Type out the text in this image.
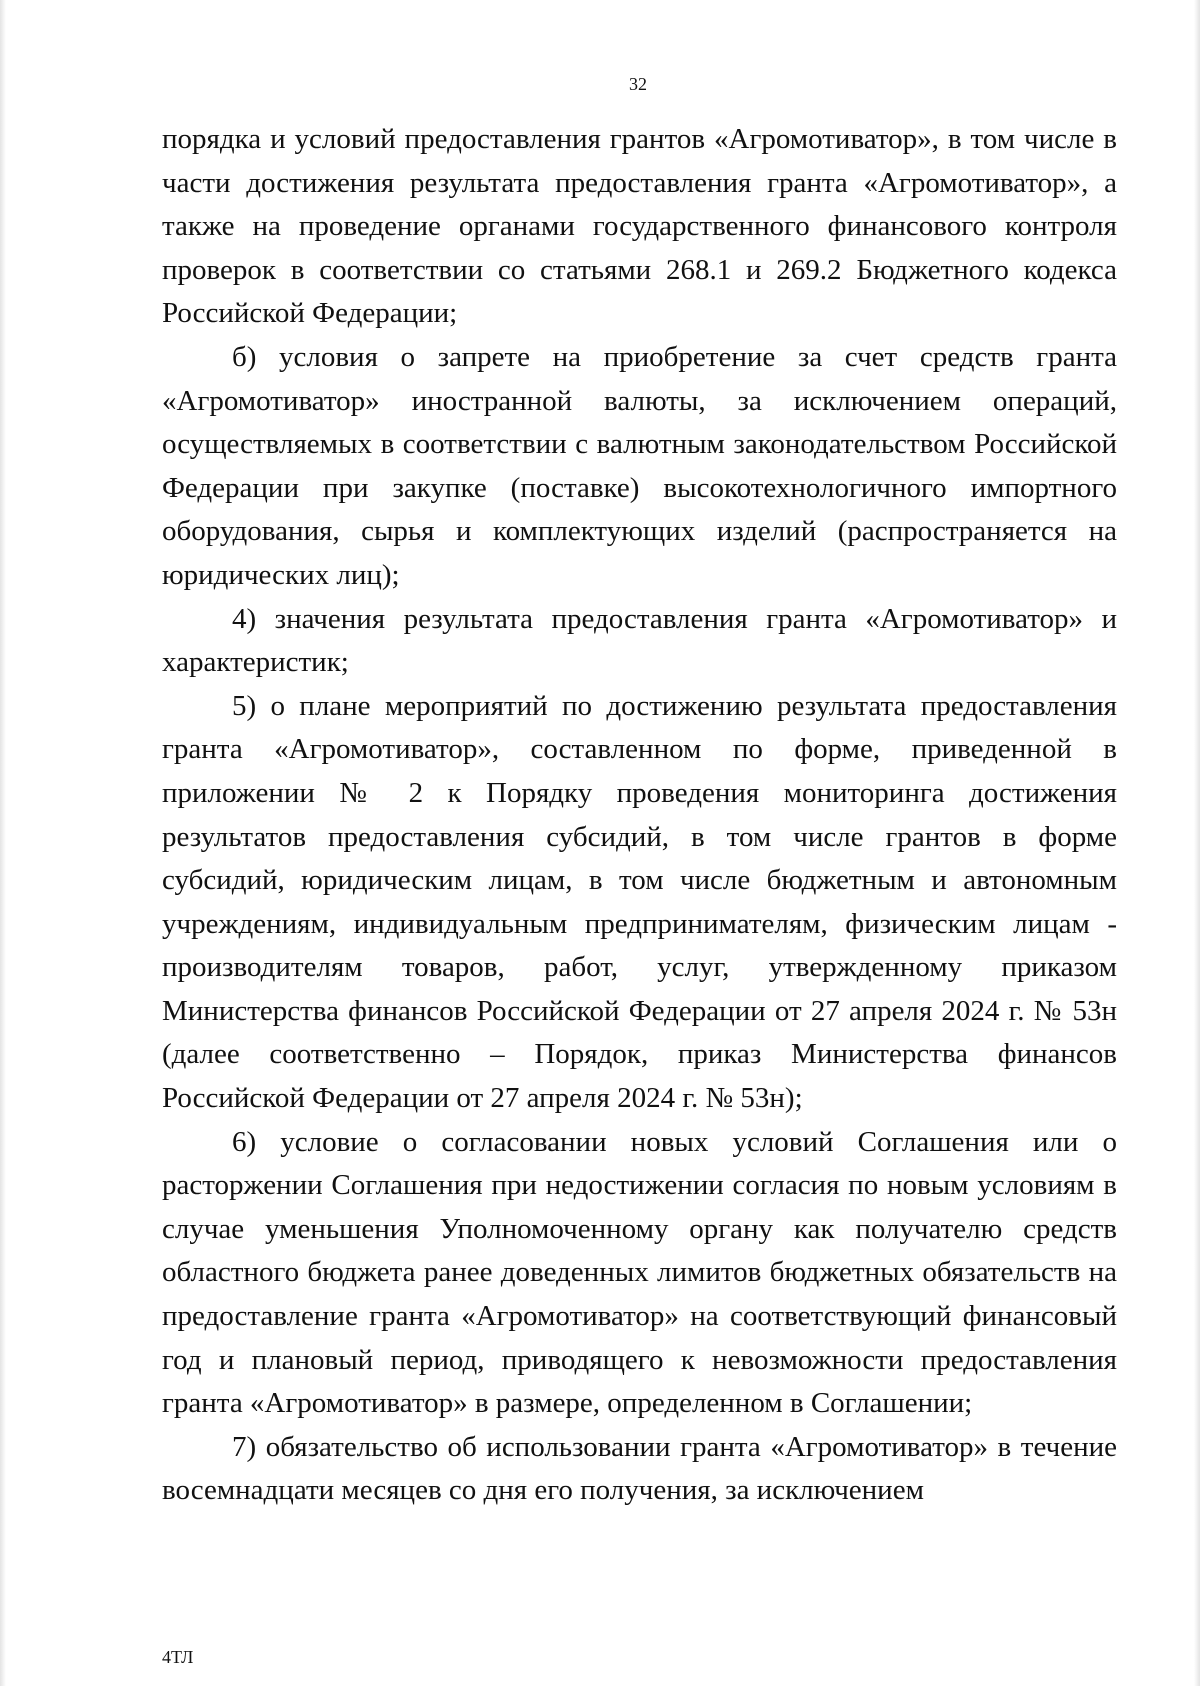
32

порядка и условий предоставления грантов «Агромотиватор», в том числе в части достижения результата предоставления гранта «Агромотиватор», а также на проведение органами государственного финансового контроля проверок в соответствии со статьями 268.1 и 269.2 Бюджетного кодекса Российской Федерации;

б) условия о запрете на приобретение за счет средств гранта «Агромотиватор» иностранной валюты, за исключением операций, осуществляемых в соответствии с валютным законодательством Российской Федерации при закупке (поставке) высокотехнологичного импортного оборудования, сырья и комплектующих изделий (распространяется на юридических лиц);

4) значения результата предоставления гранта «Агромотиватор» и характеристик;

5) о плане мероприятий по достижению результата предоставления гранта «Агромотиватор», составленном по форме, приведенной в приложении № 2 к Порядку проведения мониторинга достижения результатов предоставления субсидий, в том числе грантов в форме субсидий, юридическим лицам, в том числе бюджетным и автономным учреждениям, индивидуальным предпринимателям, физическим лицам - производителям товаров, работ, услуг, утвержденному приказом Министерства финансов Российской Федерации от 27 апреля 2024 г. № 53н (далее соответственно – Порядок, приказ Министерства финансов Российской Федерации от 27 апреля 2024 г. № 53н);

6) условие о согласовании новых условий Соглашения или о расторжении Соглашения при недостижении согласия по новым условиям в случае уменьшения Уполномоченному органу как получателю средств областного бюджета ранее доведенных лимитов бюджетных обязательств на предоставление гранта «Агромотиватор» на соответствующий финансовый год и плановый период, приводящего к невозможности предоставления гранта «Агромотиватор» в размере, определенном в Соглашении;

7) обязательство об использовании гранта «Агромотиватор» в течение восемнадцати месяцев со дня его получения, за исключением

4ТЛ
